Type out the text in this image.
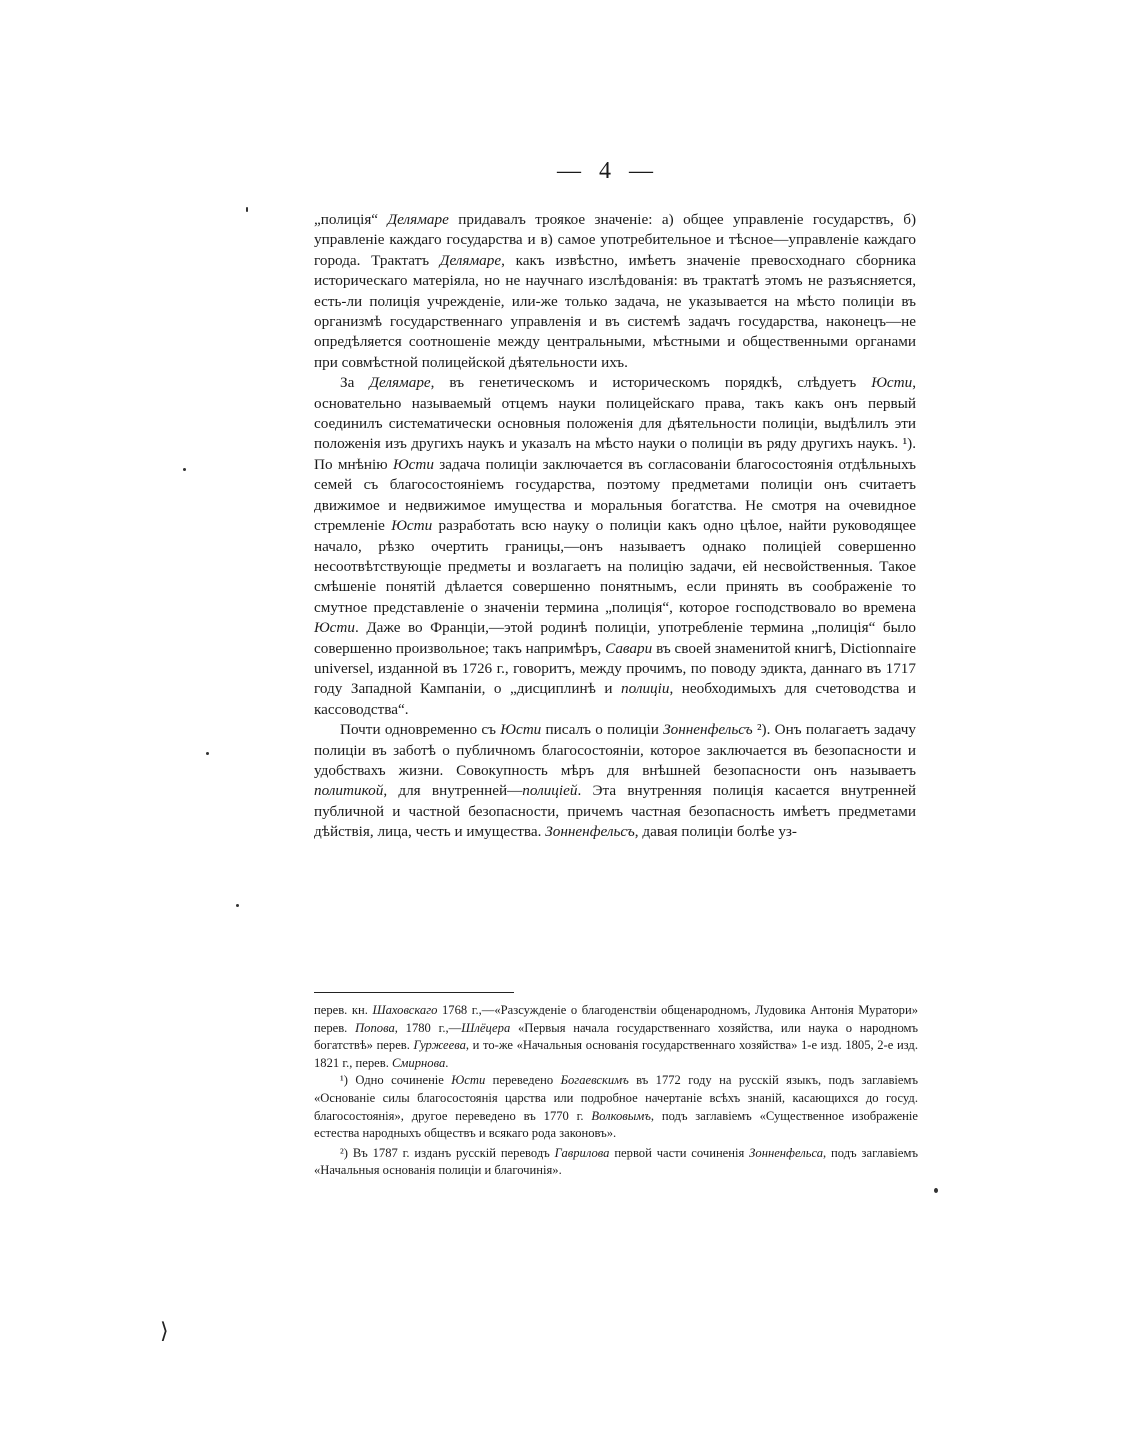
— 4 —

„полиція“ Делямаре придавалъ троякое значеніе: а) общее управленіе государствъ, б) управленіе каждаго государства и в) самое употребительное и тѣсное—управленіе каждаго города. Трактатъ Делямаре, какъ извѣстно, имѣетъ значеніе превосходнаго сборника историческаго матеріяла, но не научнаго изслѣдованія: въ трактатѣ этомъ не разъясняется, есть-ли полиція учрежденіе, или-же только задача, не указывается на мѣсто полиціи въ организмѣ государственнаго управленія и въ системѣ задачъ государства, наконецъ—не опредѣляется соотношеніе между центральными, мѣстными и общественными органами при совмѣстной полицейской дѣятельности ихъ.

За Делямаре, въ генетическомъ и историческомъ порядкѣ, слѣдуетъ Юсти, основательно называемый отцемъ науки полицейскаго права, такъ какъ онъ первый соединилъ систематически основныя положенія для дѣятельности полиціи, выдѣлилъ эти положенія изъ другихъ наукъ и указалъ на мѣсто науки о полиціи въ ряду другихъ наукъ. ¹). По мнѣнію Юсти задача полиціи заключается въ согласованіи благосостоянія отдѣльныхъ семей съ благосостояніемъ государства, поэтому предметами полиціи онъ считаетъ движимое и недвижимое имущества и моральныя богатства. Не смотря на очевидное стремленіе Юсти разработать всю науку о полиціи какъ одно цѣлое, найти руководящее начало, рѣзко очертить границы,—онъ называетъ однако полиціей совершенно несоотвѣтствующіе предметы и возлагаетъ на полицію задачи, ей несвойственныя. Такое смѣшеніе понятій дѣлается совершенно понятнымъ, если принять въ соображеніе то смутное представленіе о значеніи термина „полиція“, которое господствовало во времена Юсти. Даже во Франціи,—этой родинѣ полиціи, употребленіе термина „полиція“ было совершенно произвольное; такъ напримѣръ, Савари въ своей знаменитой книгѣ, Dictionnaire universel, изданной въ 1726 г., говоритъ, между прочимъ, по поводу эдикта, даннаго въ 1717 году Западной Кампаніи, о „дисциплинѣ и полиціи, необходимыхъ для счетоводства и кассоводства“.

Почти одновременно съ Юсти писалъ о полиціи Зонненфельсъ ²). Онъ полагаетъ задачу полиціи въ заботѣ о публичномъ благосостояніи, которое заключается въ безопасности и удобствахъ жизни. Совокупность мѣръ для внѣшней безопасности онъ называетъ политикой, для внутренней—полиціей. Эта внутренняя полиція касается внутренней публичной и частной безопасности, причемъ частная безопасность имѣетъ предметами дѣйствія, лица, честь и имущества. Зонненфельсъ, давая полиціи болѣе уз-

перев. кн. Шаховскаго 1768 г.,—«Разсужденіе о благоденствіи общенародномъ, Лудовика Антонія Муратори» перев. Попова, 1780 г.,—Шлёцера «Первыя начала государственнаго хозяйства, или наука о народномъ богатствѣ» перев. Гуржеева, и то-же «Начальныя основанія государственнаго хозяйства» 1-е изд. 1805, 2-е изд. 1821 г., перев. Смирнова.

¹) Одно сочиненіе Юсти переведено Богаевскимъ въ 1772 году на русскій языкъ, подъ заглавіемъ «Основаніе силы благосостоянія царства или подробное начертаніе всѣхъ знаній, касающихся до госуд. благосостоянія», другое переведено въ 1770 г. Волковымъ, подъ заглавіемъ «Существенное изображеніе естества народныхъ обществъ и всякаго рода законовъ».

²) Въ 1787 г. изданъ русскій переводъ Гаврилова первой части сочиненія Зонненфельса, подъ заглавіемъ «Начальныя основанія полиціи и благочинія».

⟩
